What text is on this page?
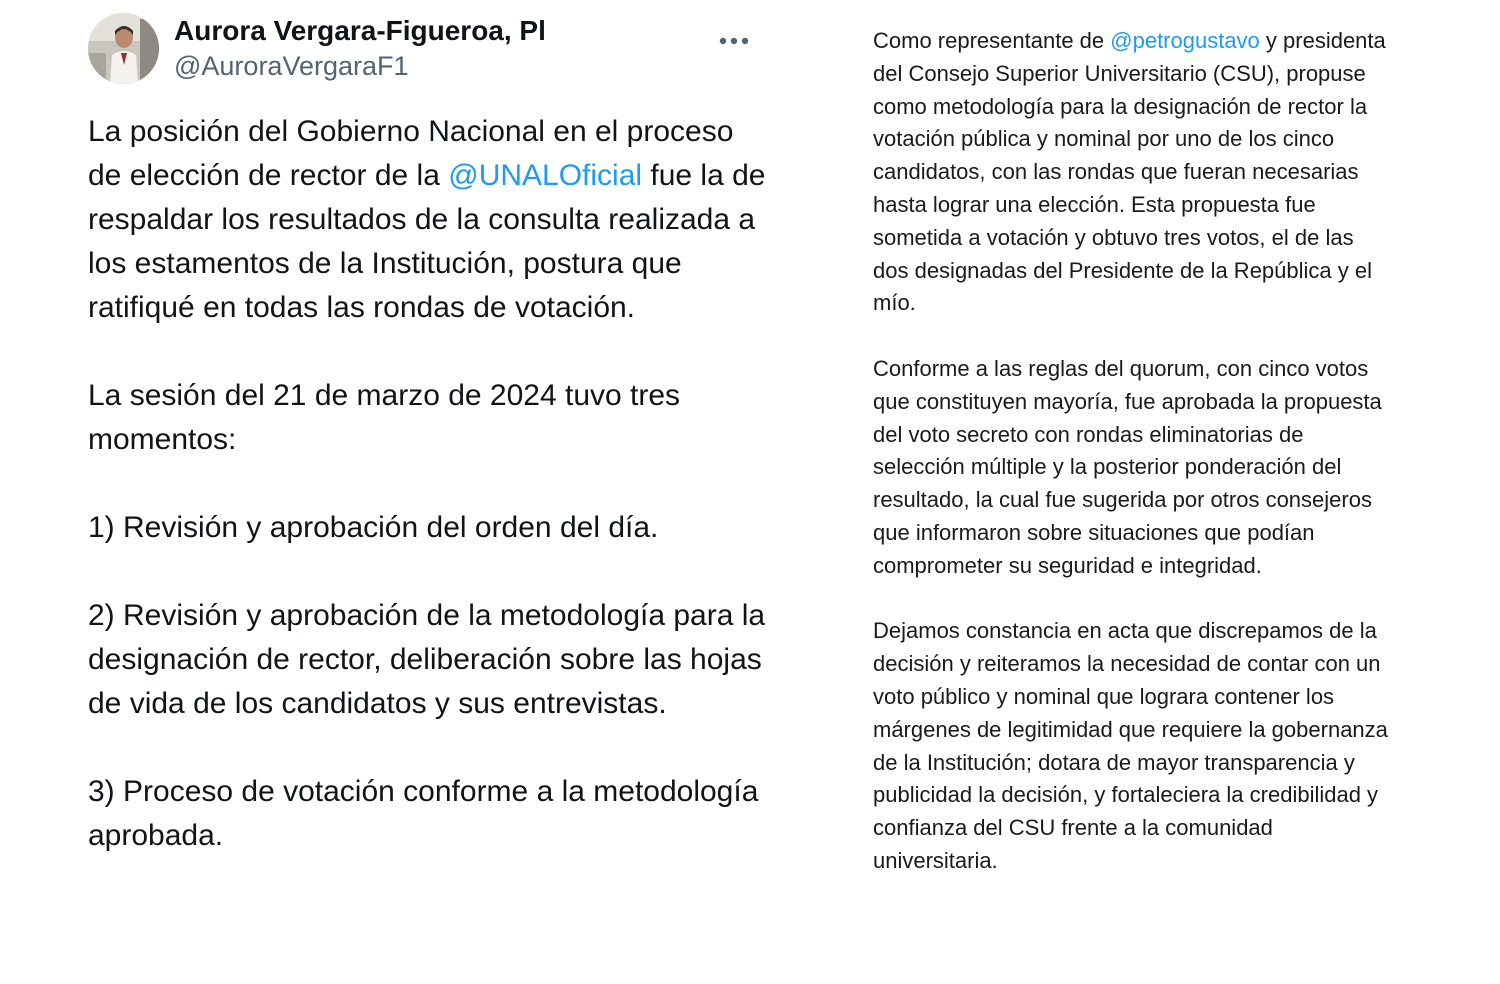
Aurora Vergara-Figueroa, Pl
@AuroraVergaraF1

La posición del Gobierno Nacional en el proceso de elección de rector de la @UNALOficial fue la de respaldar los resultados de la consulta realizada a los estamentos de la Institución, postura que ratifiqué en todas las rondas de votación.

La sesión del 21 de marzo de 2024 tuvo tres momentos:

1) Revisión y aprobación del orden del día.

2) Revisión y aprobación de la metodología para la designación de rector, deliberación sobre las hojas de vida de los candidatos y sus entrevistas.

3) Proceso de votación conforme a la metodología aprobada.

Como representante de @petrogustavo y presidenta del Consejo Superior Universitario (CSU), propuse como metodología para la designación de rector la votación pública y nominal por uno de los cinco candidatos, con las rondas que fueran necesarias hasta lograr una elección. Esta propuesta fue sometida a votación y obtuvo tres votos, el de las dos designadas del Presidente de la República y el mío.

Conforme a las reglas del quorum, con cinco votos que constituyen mayoría, fue aprobada la propuesta del voto secreto con rondas eliminatorias de selección múltiple y la posterior ponderación del resultado, la cual fue sugerida por otros consejeros que informaron sobre situaciones que podían comprometer su seguridad e integridad.

Dejamos constancia en acta que discrepamos de la decisión y reiteramos la necesidad de contar con un voto público y nominal que lograra contener los márgenes de legitimidad que requiere la gobernanza de la Institución; dotara de mayor transparencia y publicidad la decisión, y fortaleciera la credibilidad y confianza del CSU frente a la comunidad universitaria.
